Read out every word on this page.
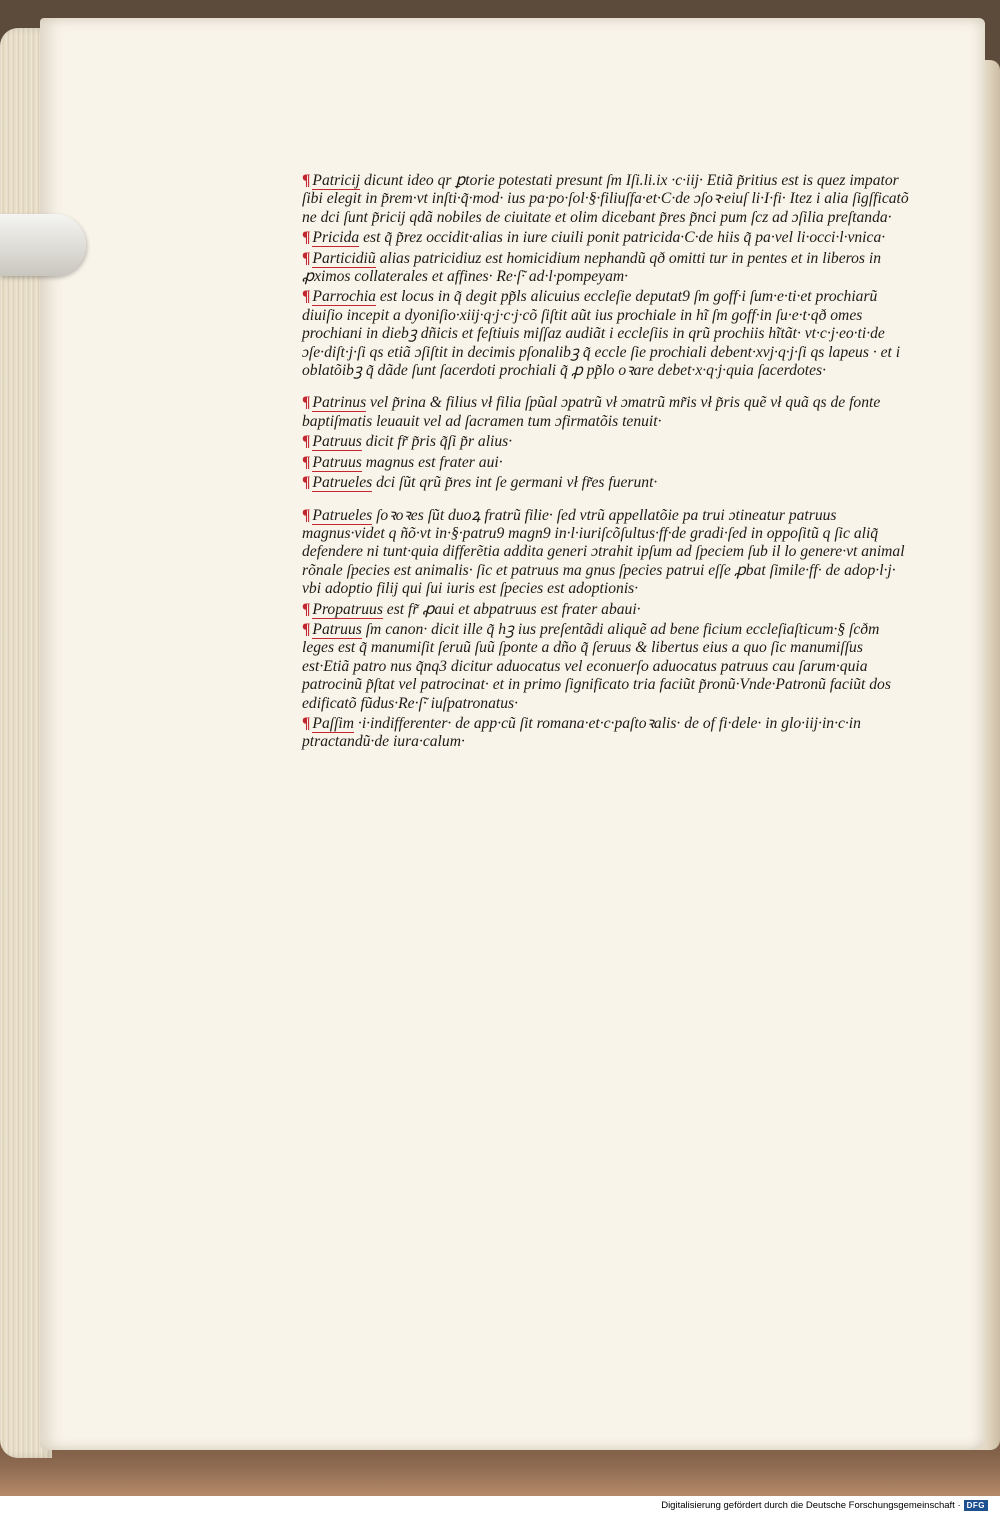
¶ Patricij dicunt ideo qr ꝑtorie potestati presunt ſm Iſi.li.ix ·c·iij· Etiã p̃ritius est is quez impator ſibi elegit in p̃rem·vt inſti·q̃·mod· ius pa·po·ſol·§·filiuſfa·et·C·de ɔſoꝛ·eiuſ li·I·fi· Itez i alia ſigſficatõ ne dci ſunt p̃ricij qdã nobiles de ciuitate et olim dicebant p̃res p̃nci pum ſcz ad ɔſilia preſtanda·

¶ Pricida est q̃ p̃rez occidit·alias in iure ciuili ponit patricida·C·de hiis q̃ pa·vel li·occi·l·vnica·

¶ Particidiũ alias patricidiuz est homicidium nephandũ qð omitti tur in pentes et in liberos in ꝓximos collaterales et affines· Re·ſ̃· ad·l·pompeyam·

¶ Parrochia est locus in q̃ degit pp̃ls alicuius eccleſie deputat9 ſm goff·i ſum·e·ti·et prochiarũ diuiſio incepit a dyoniſio·xiij·q·j·c·j·cõ ſiſtit aũt ius prochiale in hĩ ſm goff·in ſu·e·t·qð omes prochiani in diebꝫ dñicis et feſtiuis miſſaz audiãt i eccleſiis in qrũ prochiis hĩtãt· vt·c·j·eo·ti·de ɔſe·diſt·j·ſi qs etiã ɔſiſtit in decimis pſonalibꝫ q̃ eccle ſie prochiali debent·xvj·q·j·ſi qs lapeus · et i oblatõibꝫ q̃ dãde ſunt ſacerdoti prochiali q̃ ꝓ pp̃lo oꝛare debet·x·q·j·quia ſacerdotes·

¶ Patrinus vel p̃rina & filius vł filia ſpũal ɔpatrũ vł ɔmatrũ mr̃is vł p̃ris quẽ vł quã qs de fonte baptiſmatis leuauit vel ad ſacramen tum ɔfirmatõis tenuit·

¶ Patruus dicit fr̃ p̃ris q̃ſi p̃r alius·

¶ Patruus magnus est frater aui·

¶ Patrueles dci ſũt qrũ p̃res int ſe germani vł fr̃es fuerunt·

¶ Patrueles ſoꝛoꝛes ſũt duoꝝ fratrũ filie· ſed vtrũ appellatõie pa trui ɔtineatur patruus magnus·videt q ñõ·vt in·§·patru9 magn9 in·l·iuriſcõſultus·ff·de gradi·ſed in oppoſitũ q ſic aliq̃ defendere ni tunt·quia differẽtia addita generi ɔtrahit ipſum ad ſpeciem ſub il lo genere·vt animal rõnale ſpecies est animalis· ſic et patruus ma gnus ſpecies patrui eſſe ꝓbat ſimile·ff· de adop·l·j· vbi adoptio filij qui ſui iuris est ſpecies est adoptionis·

¶ Propatruus est fr̃ ꝓaui et abpatruus est frater abaui·

¶ Patruus ſm canon· dicit ille q̃ hꝫ ius preſentãdi aliquẽ ad bene ficium eccleſiaſticum·§ ſcðm leges est q̃ manumiſit ſeruũ ſuũ ſponte a dño q̃ ſeruus & libertus eius a quo ſic manumiſſus est·Etiã patro nus q̃nq3 dicitur aduocatus vel econuerſo aduocatus patruus cau ſarum·quia patrocinũ p̃ſtat vel patrocinat· et in primo ſignificato tria faciũt p̃ronũ·Vnde·Patronũ faciũt dos edificatõ fũdus·Re·ſ̃· iuſpatronatus·

¶ Paſſim ·i·indifferenter· de app·cũ ſit romana·et·c·paſtoꝛalis· de of fi·dele· in glo·iij·in·c·in ptractandũ·de iura·calum·

Digitalisierung gefördert durch die Deutsche Forschungsgemeinschaft · DFG
